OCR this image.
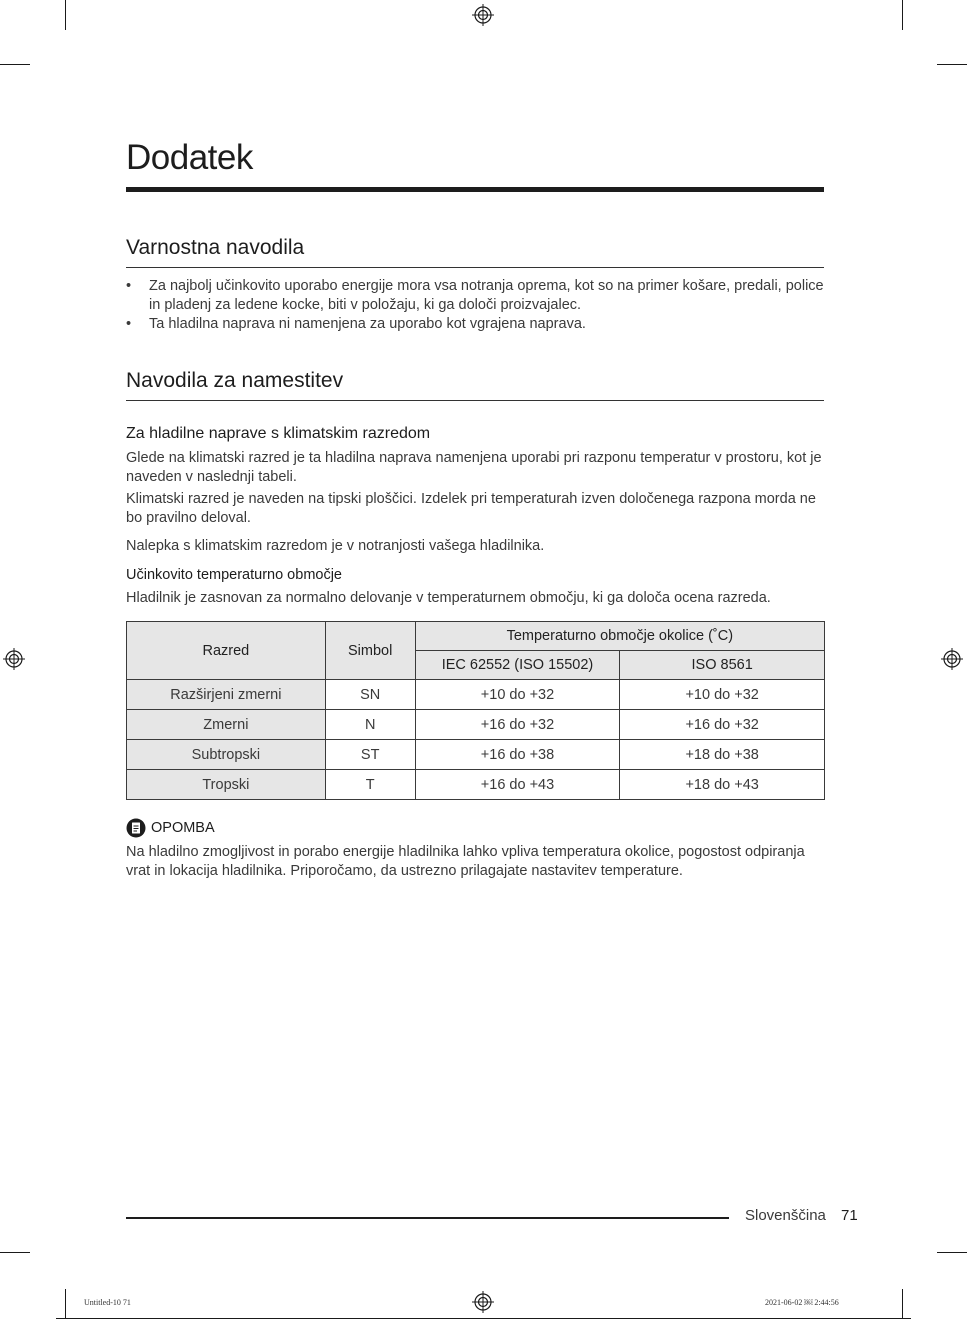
Dodatek
Varnostna navodila
• Za najbolj učinkovito uporabo energije mora vsa notranja oprema, kot so na primer košare, predali, police in pladenj za ledene kocke, biti v položaju, ki ga določi proizvajalec.
• Ta hladilna naprava ni namenjena za uporabo kot vgrajena naprava.
Navodila za namestitev
Za hladilne naprave s klimatskim razredom
Glede na klimatski razred je ta hladilna naprava namenjena uporabi pri razponu temperatur v prostoru, kot je naveden v naslednji tabeli.
Klimatski razred je naveden na tipski ploščici. Izdelek pri temperaturah izven določenega razpona morda ne bo pravilno deloval.
Nalepka s klimatskim razredom je v notranjosti vašega hladilnika.
Učinkovito temperaturno območje
Hladilnik je zasnovan za normalno delovanje v temperaturnem območju, ki ga določa ocena razreda.
Razred	Simbol	Temperaturno območje okolice (˚C)	
		IEC 62552 (ISO 15502)	ISO 8561
Razširjeni zmerni	SN	+10 do +32	+10 do +32
Zmerni	N	+16 do +32	+16 do +32
Subtropski	ST	+16 do +38	+18 do +38
Tropski	T	+16 do +43	+18 do +43
OPOMBA
Na hladilno zmogljivost in porabo energije hladilnika lahko vpliva temperatura okolice, pogostost odpiranja vrat in lokacija hladilnika. Priporočamo, da ustrezno prilagajate nastavitev temperature.
Slovenščina 71
Untitled-10 71	2021-06-02 ￼ 2:44:56
